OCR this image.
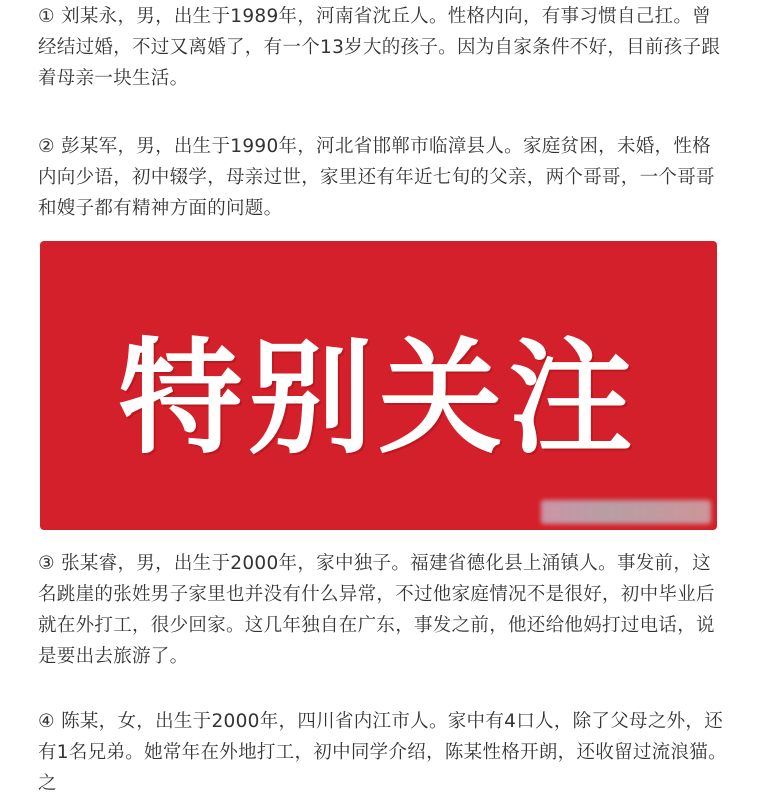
① 刘某永，男，出生于1989年，河南省沈丘人。性格内向，有事习惯自己扛。曾经结过婚，不过又离婚了，有一个13岁大的孩子。因为自家条件不好，目前孩子跟着母亲一块生活。

② 彭某军，男，出生于1990年，河北省邯郸市临漳县人。家庭贫困，未婚，性格内向少语，初中辍学，母亲过世，家里还有年近七旬的父亲，两个哥哥，一个哥哥和嫂子都有精神方面的问题。

特别关注

③ 张某睿，男，出生于2000年，家中独子。福建省德化县上涌镇人。事发前，这名跳崖的张姓男子家里也并没有什么异常，不过他家庭情况不是很好，初中毕业后就在外打工，很少回家。这几年独自在广东，事发之前，他还给他妈打过电话，说是要出去旅游了。

④ 陈某，女，出生于2000年，四川省内江市人。家中有4口人，除了父母之外，还有1名兄弟。她常年在外地打工，初中同学介绍，陈某性格开朗，还收留过流浪猫。之
